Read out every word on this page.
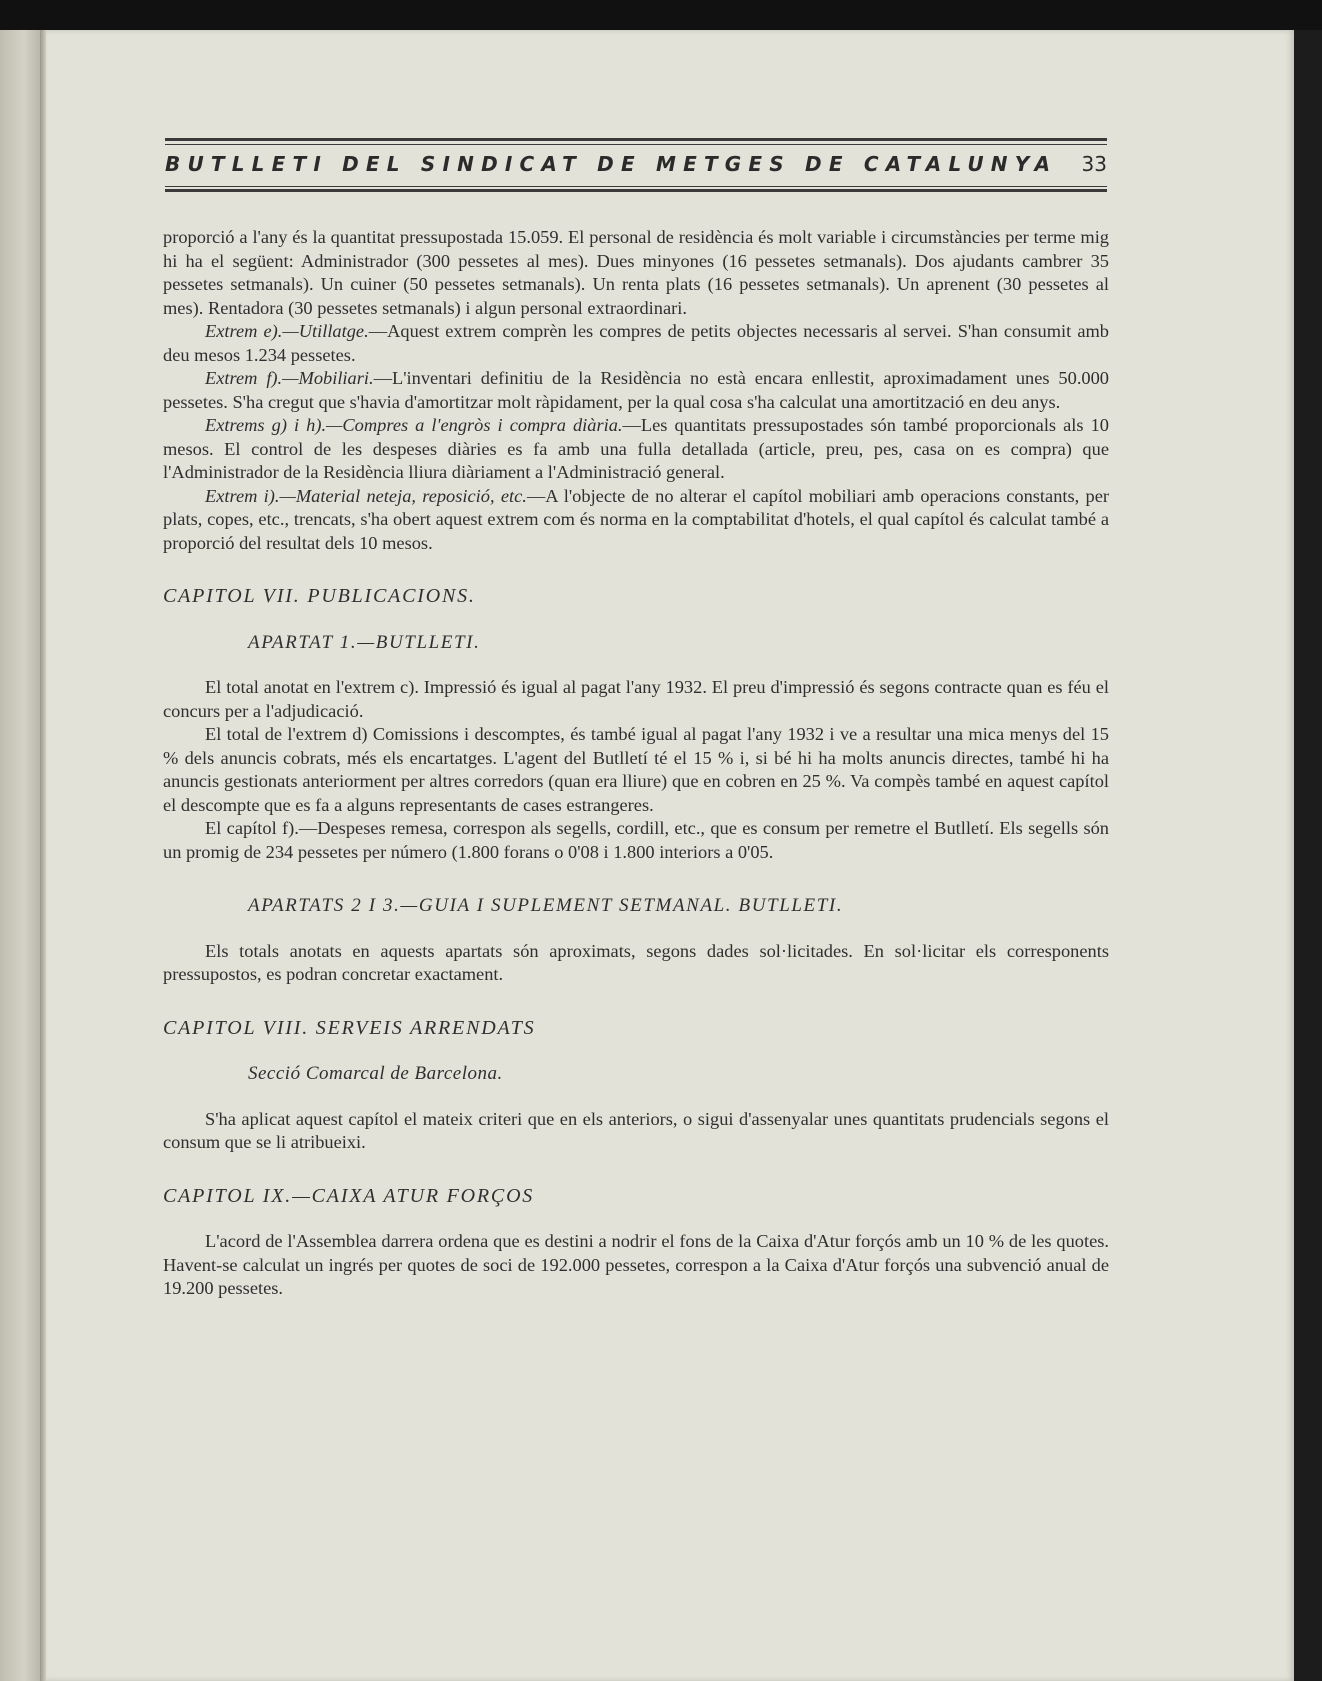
BUTLLETI DEL SINDICAT DE METGES DE CATALUNYA 33

proporció a l'any és la quantitat pressupostada 15.059. El personal de residència és molt variable i circumstàncies per terme mig hi ha el següent: Administrador (300 pessetes al mes). Dues minyones (16 pessetes setmanals). Dos ajudants cambrer 35 pessetes setmanals). Un cuiner (50 pessetes setmanals). Un renta plats (16 pessetes setmanals). Un aprenent (30 pessetes al mes). Rentadora (30 pessetes setmanals) i algun personal extraordinari.

Extrem e).—Utillatge.—Aquest extrem comprèn les compres de petits objectes necessaris al servei. S'han consumit amb deu mesos 1.234 pessetes.

Extrem f).—Mobiliari.—L'inventari definitiu de la Residència no està encara enllestit, aproximadament unes 50.000 pessetes. S'ha cregut que s'havia d'amortitzar molt ràpidament, per la qual cosa s'ha calculat una amortització en deu anys.

Extrems g) i h).—Compres a l'engròs i compra diària.—Les quantitats pressupostades són també proporcionals als 10 mesos. El control de les despeses diàries es fa amb una fulla detallada (article, preu, pes, casa on es compra) que l'Administrador de la Residència lliura diàriament a l'Administració general.

Extrem i).—Material neteja, reposició, etc.—A l'objecte de no alterar el capítol mobiliari amb operacions constants, per plats, copes, etc., trencats, s'ha obert aquest extrem com és norma en la comptabilitat d'hotels, el qual capítol és calculat també a proporció del resultat dels 10 mesos.

CAPITOL VII. PUBLICACIONS.

APARTAT 1.—BUTLLETI.

El total anotat en l'extrem c). Impressió és igual al pagat l'any 1932. El preu d'impressió és segons contracte quan es féu el concurs per a l'adjudicació.

El total de l'extrem d) Comissions i descomptes, és també igual al pagat l'any 1932 i ve a resultar una mica menys del 15 % dels anuncis cobrats, més els encartatges. L'agent del Butlletí té el 15 % i, si bé hi ha molts anuncis directes, també hi ha anuncis gestionats anteriorment per altres corredors (quan era lliure) que en cobren en 25 %. Va compès també en aquest capítol el descompte que es fa a alguns representants de cases estrangeres.

El capítol f).—Despeses remesa, correspon als segells, cordill, etc., que es consum per remetre el Butlletí. Els segells són un promig de 234 pessetes per número (1.800 forans o 0'08 i 1.800 interiors a 0'05.

APARTATS 2 I 3.—GUIA I SUPLEMENT SETMANAL. BUTLLETI.

Els totals anotats en aquests apartats són aproximats, segons dades sol·licitades. En sol·licitar els corresponents pressupostos, es podran concretar exactament.

CAPITOL VIII. SERVEIS ARRENDATS

Secció Comarcal de Barcelona.

S'ha aplicat aquest capítol el mateix criteri que en els anteriors, o sigui d'assenyalar unes quantitats prudencials segons el consum que se li atribueixi.

CAPITOL IX.—CAIXA ATUR FORÇOS

L'acord de l'Assemblea darrera ordena que es destini a nodrir el fons de la Caixa d'Atur forçós amb un 10 % de les quotes. Havent-se calculat un ingrés per quotes de soci de 192.000 pessetes, correspon a la Caixa d'Atur forçós una subvenció anual de 19.200 pessetes.
